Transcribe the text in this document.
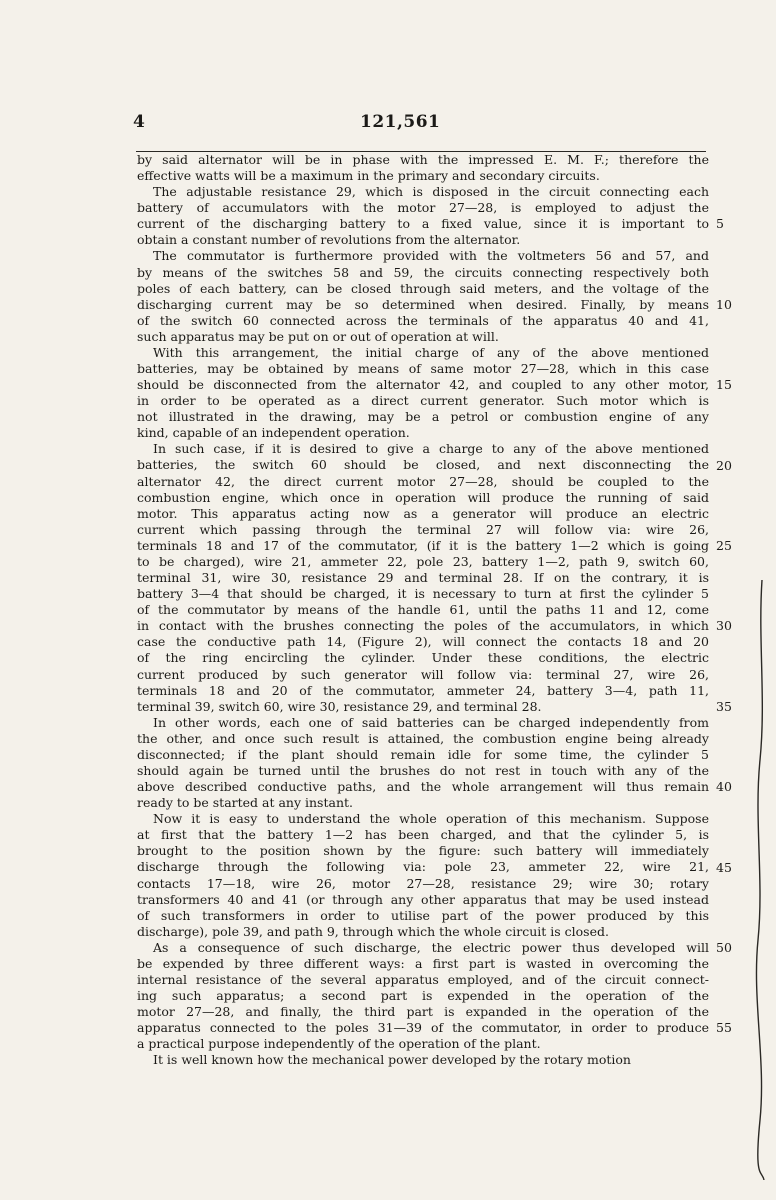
4	121,561
by said alternator will be in phase with the impressed E. M. F.; therefore the
effective watts will be a maximum in the primary and secondary circuits.
The adjustable resistance 29, which is disposed in the circuit connecting each
battery of accumulators with the motor 27—28, is employed to adjust the
current of the discharging battery to a fixed value, since it is important to
obtain a constant number of revolutions from the alternator.
The commutator is furthermore provided with the voltmeters 56 and 57, and
by means of the switches 58 and 59, the circuits connecting respectively both
poles of each battery, can be closed through said meters, and the voltage of the
discharging current may be so determined when desired. Finally, by means
of the switch 60 connected across the terminals of the apparatus 40 and 41,
such apparatus may be put on or out of operation at will.
With this arrangement, the initial charge of any of the above mentioned
batteries, may be obtained by means of same motor 27—28, which in this case
should be disconnected from the alternator 42, and coupled to any other motor,
in order to be operated as a direct current generator. Such motor which is
not illustrated in the drawing, may be a petrol or combustion engine of any
kind, capable of an independent operation.
In such case, if it is desired to give a charge to any of the above mentioned
batteries, the switch 60 should be closed, and next disconnecting the
alternator 42, the direct current motor 27—28, should be coupled to the
combustion engine, which once in operation will produce the running of said
motor. This apparatus acting now as a generator will produce an electric
current which passing through the terminal 27 will follow via: wire 26,
terminals 18 and 17 of the commutator, (if it is the battery 1—2 which is going
to be charged), wire 21, ammeter 22, pole 23, battery 1—2, path 9, switch 60,
terminal 31, wire 30, resistance 29 and terminal 28. If on the contrary, it is
battery 3—4 that should be charged, it is necessary to turn at first the cylinder 5
of the commutator by means of the handle 61, until the paths 11 and 12, come
in contact with the brushes connecting the poles of the accumulators, in which
case the conductive path 14, (Figure 2), will connect the contacts 18 and 20
of the ring encircling the cylinder. Under these conditions, the electric
current produced by such generator will follow via: terminal 27, wire 26,
terminals 18 and 20 of the commutator, ammeter 24, battery 3—4, path 11,
terminal 39, switch 60, wire 30, resistance 29, and terminal 28.
In other words, each one of said batteries can be charged independently from
the other, and once such result is attained, the combustion engine being already
disconnected; if the plant should remain idle for some time, the cylinder 5
should again be turned until the brushes do not rest in touch with any of the
above described conductive paths, and the whole arrangement will thus remain
ready to be started at any instant.
Now it is easy to understand the whole operation of this mechanism. Suppose
at first that the battery 1—2 has been charged, and that the cylinder 5, is
brought to the position shown by the figure: such battery will immediately
discharge through the following via: pole 23, ammeter 22, wire 21,
contacts 17—18, wire 26, motor 27—28, resistance 29; wire 30; rotary
transformers 40 and 41 (or through any other apparatus that may be used instead
of such transformers in order to utilise part of the power produced by this
discharge), pole 39, and path 9, through which the whole circuit is closed.
As a consequence of such discharge, the electric power thus developed will
be expended by three different ways: a first part is wasted in overcoming the
internal resistance of the several apparatus employed, and of the circuit connect-
ing such apparatus; a second part is expended in the operation of the
motor 27—28, and finally, the third part is expanded in the operation of the
apparatus connected to the poles 31—39 of the commutator, in order to produce
a practical purpose independently of the operation of the plant.
It is well known how the mechanical power developed by the rotary motion
5
10
15
20
25
30
35
40
45
50
55
